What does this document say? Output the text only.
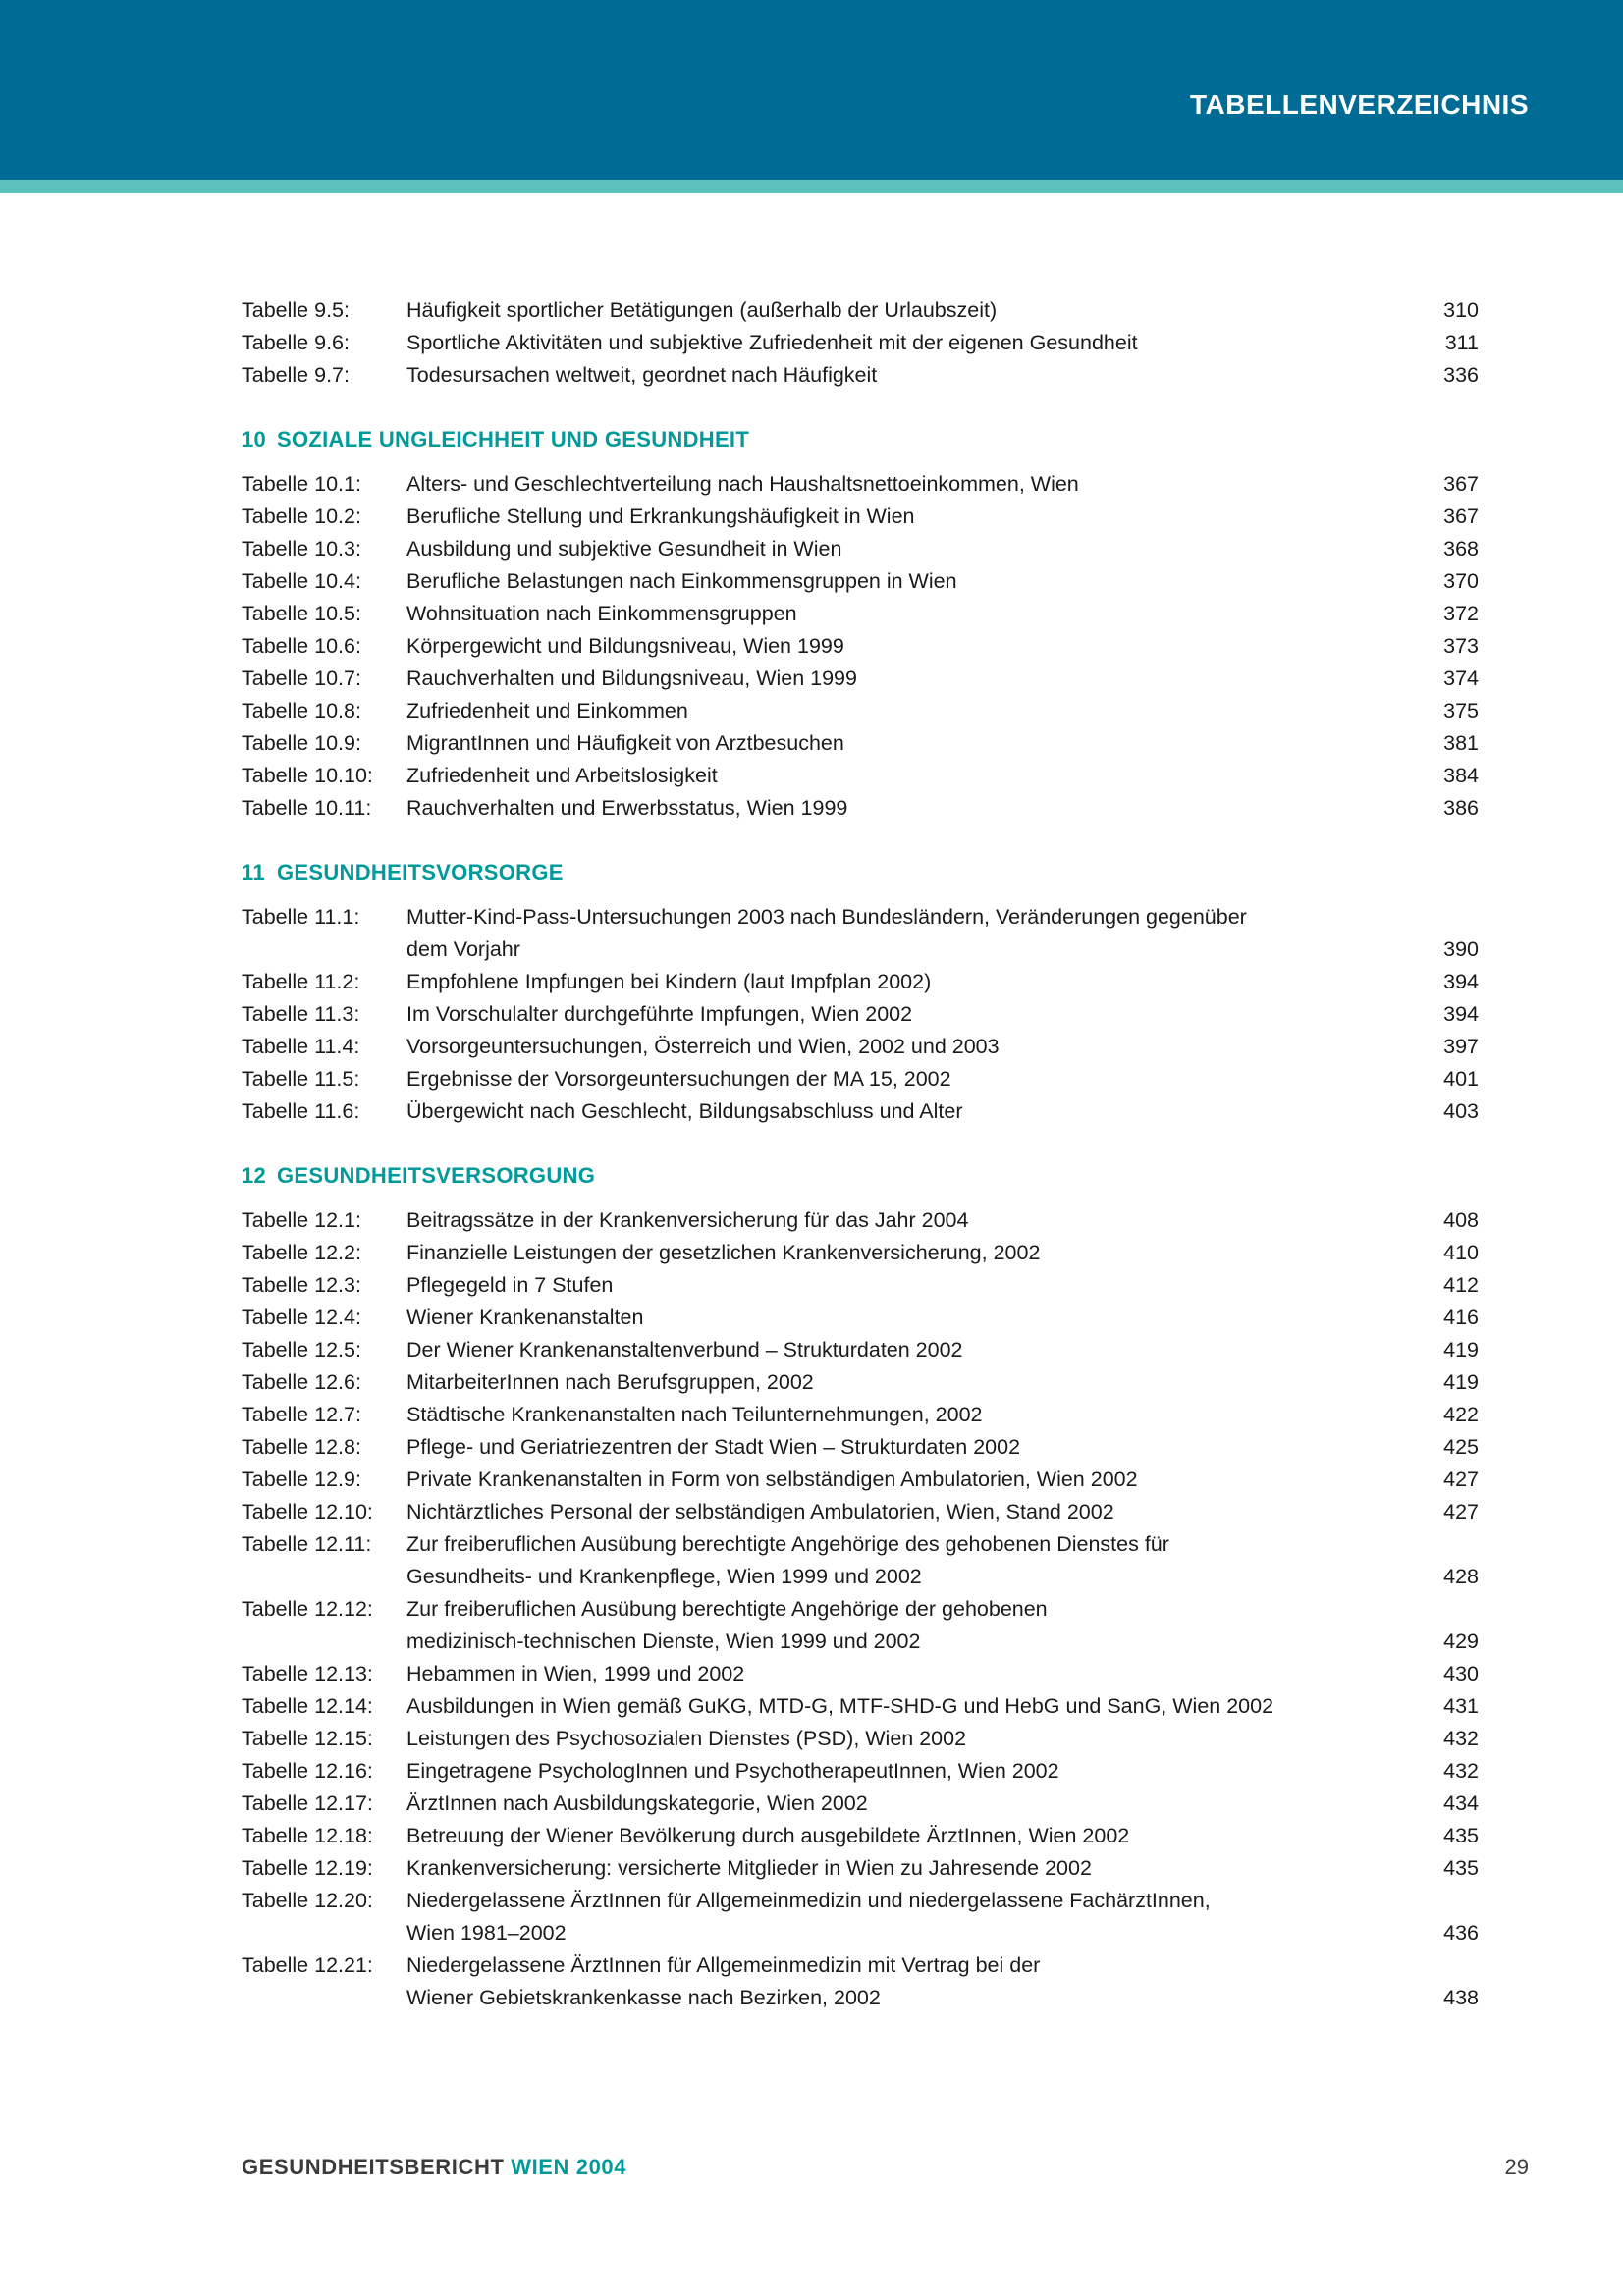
TABELLENVERZEICHNIS
Tabelle 9.5:	Häufigkeit sportlicher Betätigungen (außerhalb der Urlaubszeit)	310
Tabelle 9.6:	Sportliche Aktivitäten und subjektive Zufriedenheit mit der eigenen Gesundheit	311
Tabelle 9.7:	Todesursachen weltweit, geordnet nach Häufigkeit	336
10 SOZIALE UNGLEICHHEIT UND GESUNDHEIT
Tabelle 10.1:	Alters- und Geschlechtverteilung nach Haushaltsnettoeinkommen, Wien	367
Tabelle 10.2:	Berufliche Stellung und Erkrankungshäufigkeit in Wien	367
Tabelle 10.3:	Ausbildung und subjektive Gesundheit in Wien	368
Tabelle 10.4:	Berufliche Belastungen nach Einkommensgruppen in Wien	370
Tabelle 10.5:	Wohnsituation nach Einkommensgruppen	372
Tabelle 10.6:	Körpergewicht und Bildungsniveau, Wien 1999	373
Tabelle 10.7:	Rauchverhalten und Bildungsniveau, Wien 1999	374
Tabelle 10.8:	Zufriedenheit und Einkommen	375
Tabelle 10.9:	MigrantInnen und Häufigkeit von Arztbesuchen	381
Tabelle 10.10:	Zufriedenheit und Arbeitslosigkeit	384
Tabelle 10.11:	Rauchverhalten und Erwerbsstatus, Wien 1999	386
11 GESUNDHEITSVORSORGE
Tabelle 11.1:	Mutter-Kind-Pass-Untersuchungen 2003 nach Bundesländern, Veränderungen gegenüber
dem Vorjahr	390
Tabelle 11.2:	Empfohlene Impfungen bei Kindern (laut Impfplan 2002)	394
Tabelle 11.3:	Im Vorschulalter durchgeführte Impfungen, Wien 2002	394
Tabelle 11.4:	Vorsorgeuntersuchungen, Österreich und Wien, 2002 und 2003	397
Tabelle 11.5:	Ergebnisse der Vorsorgeuntersuchungen der MA 15, 2002	401
Tabelle 11.6:	Übergewicht nach Geschlecht, Bildungsabschluss und Alter	403
12 GESUNDHEITSVERSORGUNG
Tabelle 12.1:	Beitragssätze in der Krankenversicherung für das Jahr 2004	408
Tabelle 12.2:	Finanzielle Leistungen der gesetzlichen Krankenversicherung, 2002	410
Tabelle 12.3:	Pflegegeld in 7 Stufen	412
Tabelle 12.4:	Wiener Krankenanstalten	416
Tabelle 12.5:	Der Wiener Krankenanstaltenverbund – Strukturdaten 2002	419
Tabelle 12.6:	MitarbeiterInnen nach Berufsgruppen, 2002	419
Tabelle 12.7:	Städtische Krankenanstalten nach Teilunternehmungen, 2002	422
Tabelle 12.8:	Pflege- und Geriatriezentren der Stadt Wien – Strukturdaten 2002	425
Tabelle 12.9:	Private Krankenanstalten in Form von selbständigen Ambulatorien, Wien 2002	427
Tabelle 12.10:	Nichtärztliches Personal der selbständigen Ambulatorien, Wien, Stand 2002	427
Tabelle 12.11:	Zur freiberuflichen Ausübung berechtigte Angehörige des gehobenen Dienstes für
Gesundheits- und Krankenpflege, Wien 1999 und 2002	428
Tabelle 12.12:	Zur freiberuflichen Ausübung berechtigte Angehörige der gehobenen
medizinisch-technischen Dienste, Wien 1999 und 2002	429
Tabelle 12.13:	Hebammen in Wien, 1999 und 2002	430
Tabelle 12.14:	Ausbildungen in Wien gemäß GuKG, MTD-G, MTF-SHD-G und HebG und SanG, Wien 2002	431
Tabelle 12.15:	Leistungen des Psychosozialen Dienstes (PSD), Wien 2002	432
Tabelle 12.16:	Eingetragene PsychologInnen und PsychotherapeutInnen, Wien 2002	432
Tabelle 12.17:	ÄrztInnen nach Ausbildungskategorie, Wien 2002	434
Tabelle 12.18:	Betreuung der Wiener Bevölkerung durch ausgebildete ÄrztInnen, Wien 2002	435
Tabelle 12.19:	Krankenversicherung: versicherte Mitglieder in Wien zu Jahresende 2002	435
Tabelle 12.20:	Niedergelassene ÄrztInnen für Allgemeinmedizin und niedergelassene FachärztInnen,
Wien 1981–2002	436
Tabelle 12.21:	Niedergelassene ÄrztInnen für Allgemeinmedizin mit Vertrag bei der
Wiener Gebietskrankenkasse nach Bezirken, 2002	438
GESUNDHEITSBERICHT WIEN 2004	29
